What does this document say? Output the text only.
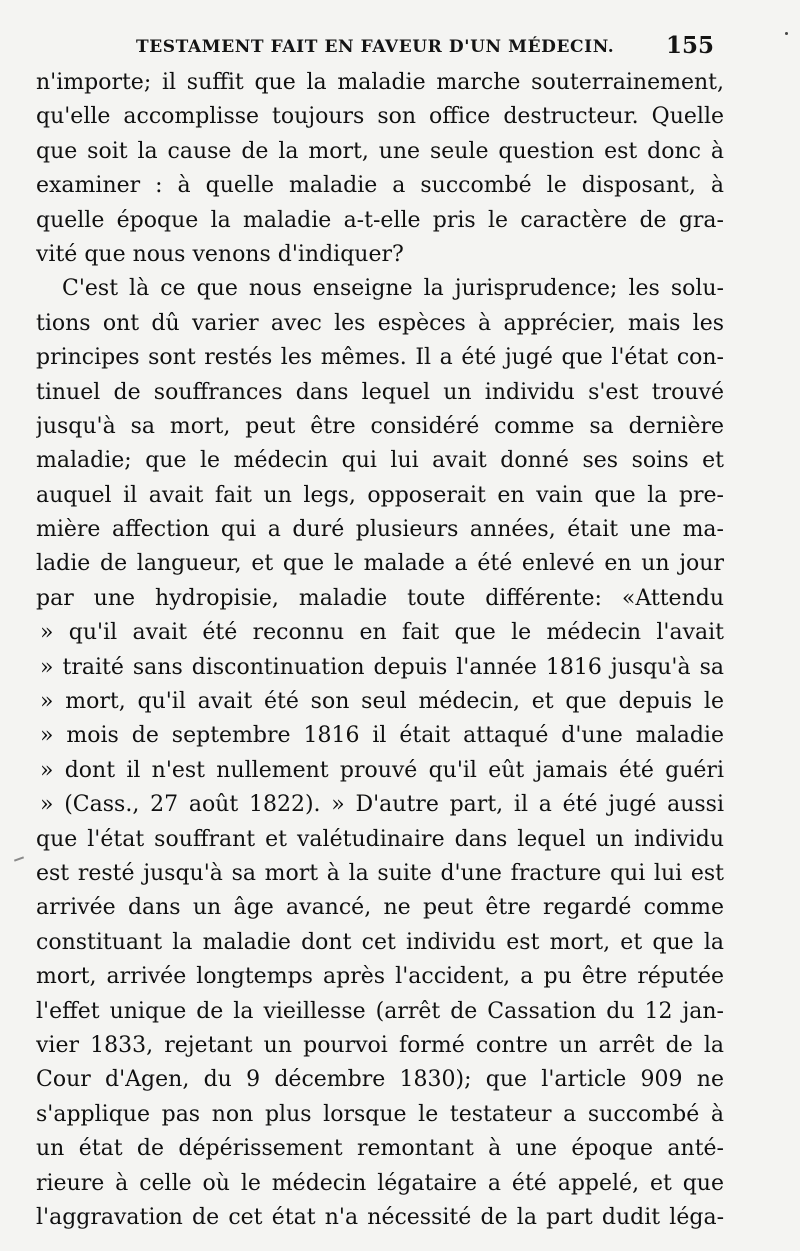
TESTAMENT FAIT EN FAVEUR D'UN MÉDECIN. 155
n'importe; il suffit que la maladie marche souterrainement,
qu'elle accomplisse toujours son office destructeur. Quelle
que soit la cause de la mort, une seule question est donc à
examiner : à quelle maladie a succombé le disposant, à
quelle époque la maladie a-t-elle pris le caractère de gra-
vité que nous venons d'indiquer?
C'est là ce que nous enseigne la jurisprudence; les solu-
tions ont dû varier avec les espèces à apprécier, mais les
principes sont restés les mêmes. Il a été jugé que l'état con-
tinuel de souffrances dans lequel un individu s'est trouvé
jusqu'à sa mort, peut être considéré comme sa dernière
maladie; que le médecin qui lui avait donné ses soins et
auquel il avait fait un legs, opposerait en vain que la pre-
mière affection qui a duré plusieurs années, était une ma-
ladie de langueur, et que le malade a été enlevé en un jour
par une hydropisie, maladie toute différente: «Attendu
» qu'il avait été reconnu en fait que le médecin l'avait
» traité sans discontinuation depuis l'année 1816 jusqu'à sa
» mort, qu'il avait été son seul médecin, et que depuis le
» mois de septembre 1816 il était attaqué d'une maladie
» dont il n'est nullement prouvé qu'il eût jamais été guéri
» (Cass., 27 août 1822). » D'autre part, il a été jugé aussi
que l'état souffrant et valétudinaire dans lequel un individu
est resté jusqu'à sa mort à la suite d'une fracture qui lui est
arrivée dans un âge avancé, ne peut être regardé comme
constituant la maladie dont cet individu est mort, et que la
mort, arrivée longtemps après l'accident, a pu être réputée
l'effet unique de la vieillesse (arrêt de Cassation du 12 jan-
vier 1833, rejetant un pourvoi formé contre un arrêt de la
Cour d'Agen, du 9 décembre 1830); que l'article 909 ne
s'applique pas non plus lorsque le testateur a succombé à
un état de dépérissement remontant à une époque anté-
rieure à celle où le médecin légataire a été appelé, et que
l'aggravation de cet état n'a nécessité de la part dudit léga-
